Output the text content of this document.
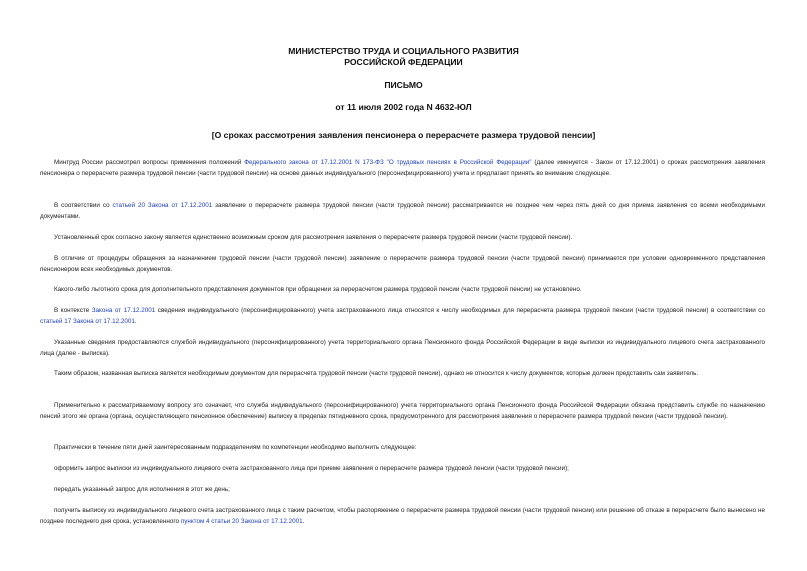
МИНИСТЕРСТВО ТРУДА И СОЦИАЛЬНОГО РАЗВИТИЯ
РОССИЙСКОЙ ФЕДЕРАЦИИ
ПИСЬМО
от 11 июля 2002 года N 4632-ЮЛ
[О сроках рассмотрения заявления пенсионера о перерасчете размера трудовой пенсии]
Минтруд России рассмотрел вопросы применения положений Федерального закона от 17.12.2001 N 173-ФЗ "О трудовых пенсиях в Российской Федерации" (далее именуется - Закон от 17.12.2001) о сроках рассмотрения заявления пенсионера о перерасчете размера трудовой пенсии (части трудовой пенсии) на основе данных индивидуального (персонифицированного) учета и предлагает принять во внимание следующее.
В соответствии со статьей 20 Закона от 17.12.2001 заявление о перерасчете размера трудовой пенсии (части трудовой пенсии) рассматривается не позднее чем через пять дней со дня приема заявления со всеми необходимыми документами.
Установленный срок согласно закону является единственно возможным сроком для рассмотрения заявления о перерасчете размера трудовой пенсии (части трудовой пенсии).
В отличие от процедуры обращения за назначением трудовой пенсии (части трудовой пенсии) заявление о перерасчете размера трудовой пенсии (части трудовой пенсии) принимается при условии одновременного представления пенсионером всех необходимых документов.
Какого-либо льготного срока для дополнительного представления документов при обращении за перерасчетом размера трудовой пенсии (части трудовой пенсии) не установлено.
В контексте Закона от 17.12.2001 сведения индивидуального (персонифицированного) учета застрахованного лица относятся к числу необходимых для перерасчета размера трудовой пенсии (части трудовой пенсии) в соответствии со статьей 17 Закона от 17.12.2001.
Указанные сведения предоставляются службой индивидуального (персонифицированного) учета территориального органа Пенсионного фонда Российской Федерации в виде выписки из индивидуального лицевого счета застрахованного лица (далее - выписка).
Таким образом, названная выписка является необходимым документом для перерасчета трудовой пенсии (части трудовой пенсии), однако не относится к числу документов, которые должен представить сам заявитель.
Применительно к рассматриваемому вопросу это означает, что служба индивидуального (персонифицированного) учета территориального органа Пенсионного фонда Российской Федерации обязана представить службе по назначению пенсий этого же органа (органа, осуществляющего пенсионное обеспечение) выписку в пределах пятидневного срока, предусмотренного для рассмотрения заявления о перерасчете размера трудовой пенсии (части трудовой пенсии).
Практически в течение пяти дней заинтересованным подразделениям по компетенции необходимо выполнить следующее:
оформить запрос выписки из индивидуального лицевого счета застрахованного лица при приеме заявления о перерасчете размера трудовой пенсии (части трудовой пенсии);
передать указанный запрос для исполнения в этот же день;
получить выписку из индивидуального лицевого счета застрахованного лица с таким расчетом, чтобы распоряжение о перерасчете размера трудовой пенсии (части трудовой пенсии) или решение об отказе в перерасчете было вынесено не позднее последнего дня срока, установленного пунктом 4 статьи 20 Закона от 17.12.2001.
